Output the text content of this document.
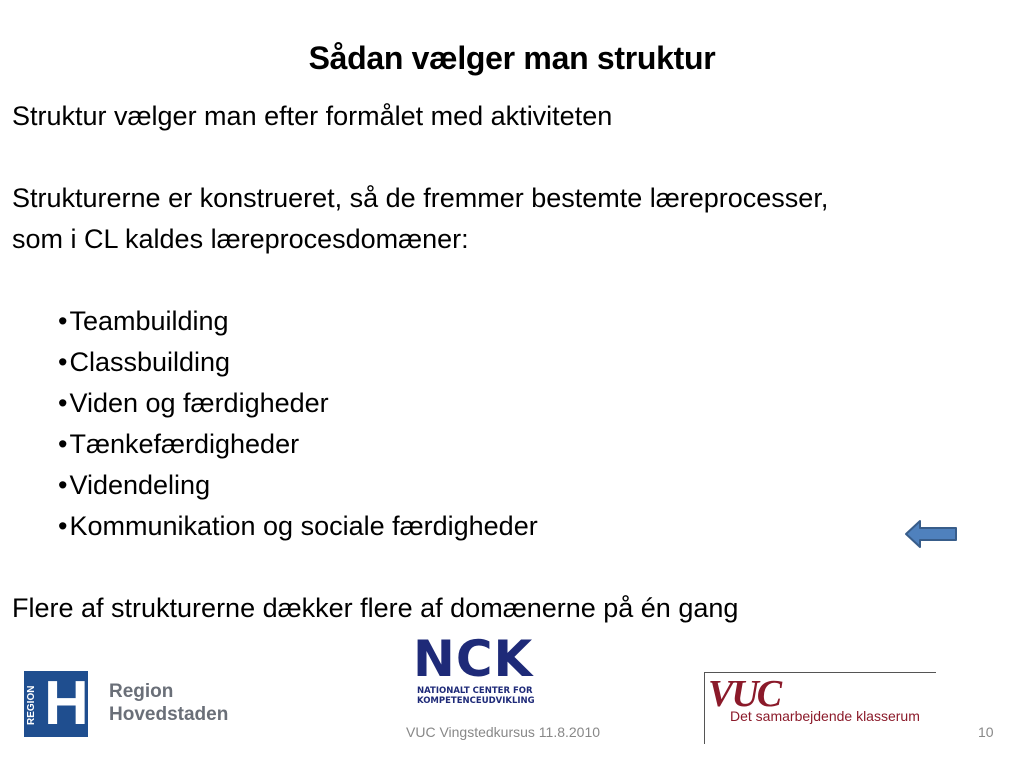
Sådan vælger man struktur

Struktur vælger man efter formålet med aktiviteten

Strukturerne er konstrueret, så de fremmer bestemte læreprocesser,

som i CL kaldes læreprocesdomæner:

• Teambuilding
• Classbuilding
• Viden og færdigheder
• Tænkefærdigheder
• Videndeling
• Kommunikation og sociale færdigheder

Flere af strukturerne dækker flere af domænerne på én gang

REGION H Region
Hovedstaden
NCK
NATIONALT CENTER FOR
KOMPETENCEUDVIKLING	VUC
Det samarbejdende klasserum
VUC Vingstedkursus 11.8.2010	10
